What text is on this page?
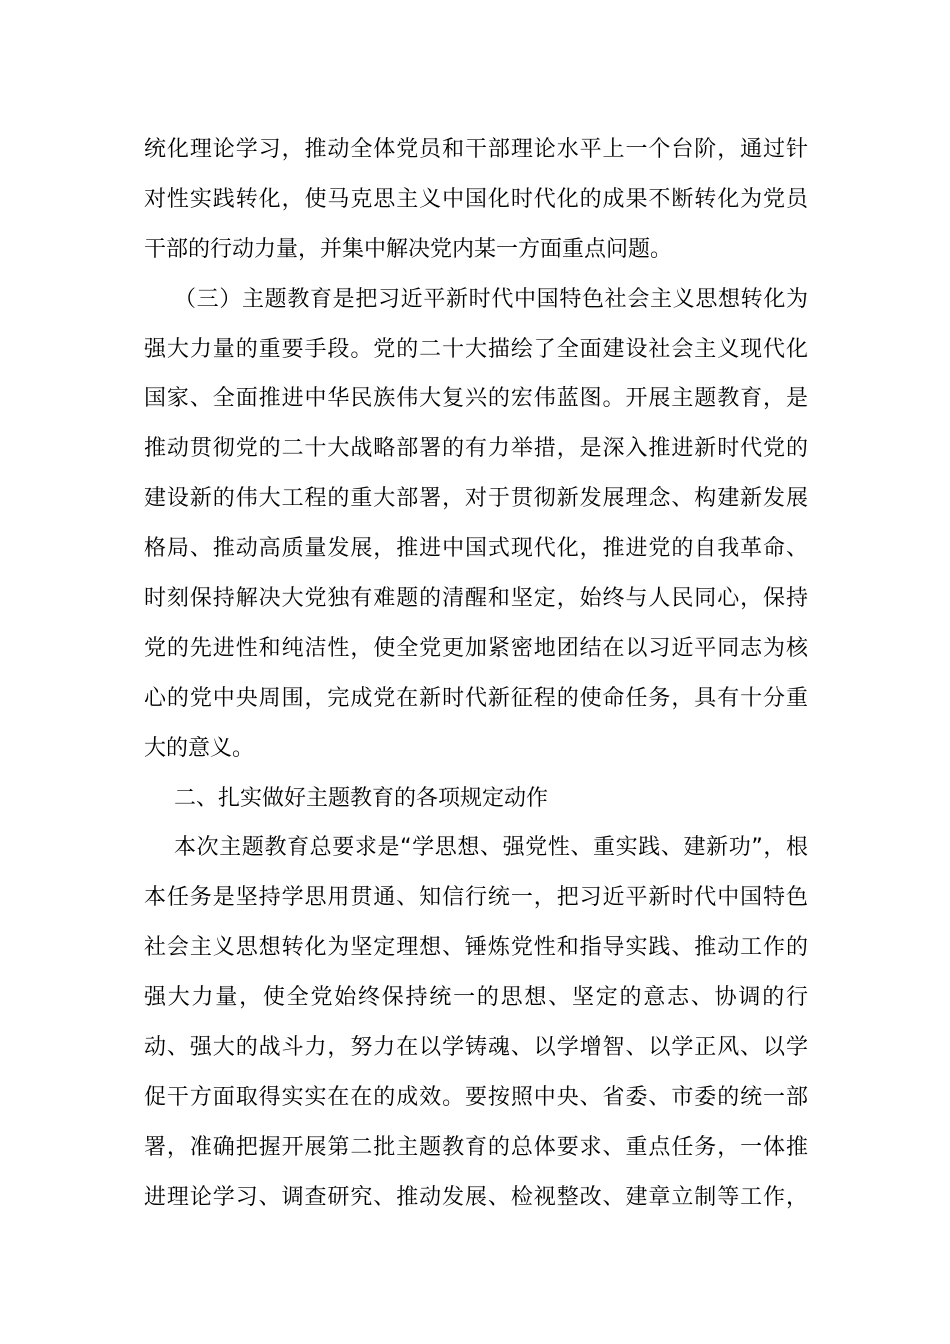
统化理论学习，推动全体党员和干部理论水平上一个台阶，通过针
对性实践转化，使马克思主义中国化时代化的成果不断转化为党员
干部的行动力量，并集中解决党内某一方面重点问题。
（三）主题教育是把习近平新时代中国特色社会主义思想转化为
强大力量的重要手段。党的二十大描绘了全面建设社会主义现代化
国家、全面推进中华民族伟大复兴的宏伟蓝图。开展主题教育，是
推动贯彻党的二十大战略部署的有力举措，是深入推进新时代党的
建设新的伟大工程的重大部署，对于贯彻新发展理念、构建新发展
格局、推动高质量发展，推进中国式现代化，推进党的自我革命、
时刻保持解决大党独有难题的清醒和坚定，始终与人民同心，保持
党的先进性和纯洁性，使全党更加紧密地团结在以习近平同志为核
心的党中央周围，完成党在新时代新征程的使命任务，具有十分重
大的意义。
二、扎实做好主题教育的各项规定动作
本次主题教育总要求是“学思想、强党性、重实践、建新功”，根
本任务是坚持学思用贯通、知信行统一，把习近平新时代中国特色
社会主义思想转化为坚定理想、锤炼党性和指导实践、推动工作的
强大力量，使全党始终保持统一的思想、坚定的意志、协调的行
动、强大的战斗力，努力在以学铸魂、以学增智、以学正风、以学
促干方面取得实实在在的成效。要按照中央、省委、市委的统一部
署，准确把握开展第二批主题教育的总体要求、重点任务，一体推
进理论学习、调查研究、推动发展、检视整改、建章立制等工作，
